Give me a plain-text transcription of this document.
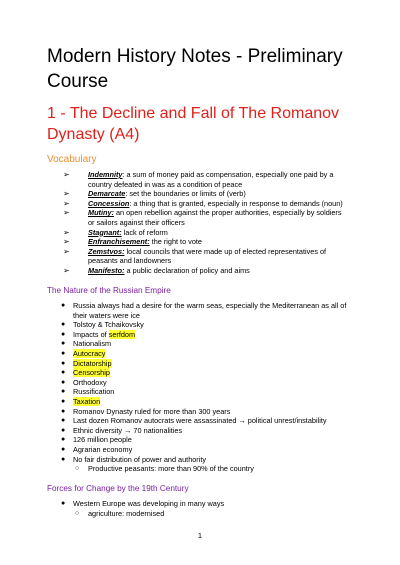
Modern History Notes - Preliminary Course
1 - The Decline and Fall of The Romanov Dynasty (A4)
Vocabulary
➢	Indemnity: a sum of money paid as compensation, especially one paid by a country defeated in was as a condition of peace
➢	Demarcate: set the boundaries or limits of (verb)
➢	Concession: a thing that is granted, especially in response to demands (noun)
➢	Mutiny: an open rebellion against the proper authorities, especially by soldiers or sailors against their officers
➢	Stagnant: lack of reform
➢	Enfranchisement: the right to vote
➢	Zemstvos: local councils that were made up of elected representatives of peasants and landowners
➢	Manifesto: a public declaration of policy and aims
The Nature of the Russian Empire
● Russia always had a desire for the warm seas, especially the Mediterranean as all of their waters were ice
● Tolstoy & Tchaikovsky
● Impacts of serfdom
● Nationalism
● Autocracy
● Dictatorship
● Censorship
● Orthodoxy
● Russification
● Taxation
● Romanov Dynasty ruled for more than 300 years
● Last dozen Romanov autocrats were assassinated → political unrest/instability
● Ethnic diversity → 70 nationalities
● 126 million people
● Agrarian economy
● No fair distribution of power and authority
○ Productive peasants: more than 90% of the country
Forces for Change by the 19th Century
● Western Europe was developing in many ways
○ agriculture: modernised
1
